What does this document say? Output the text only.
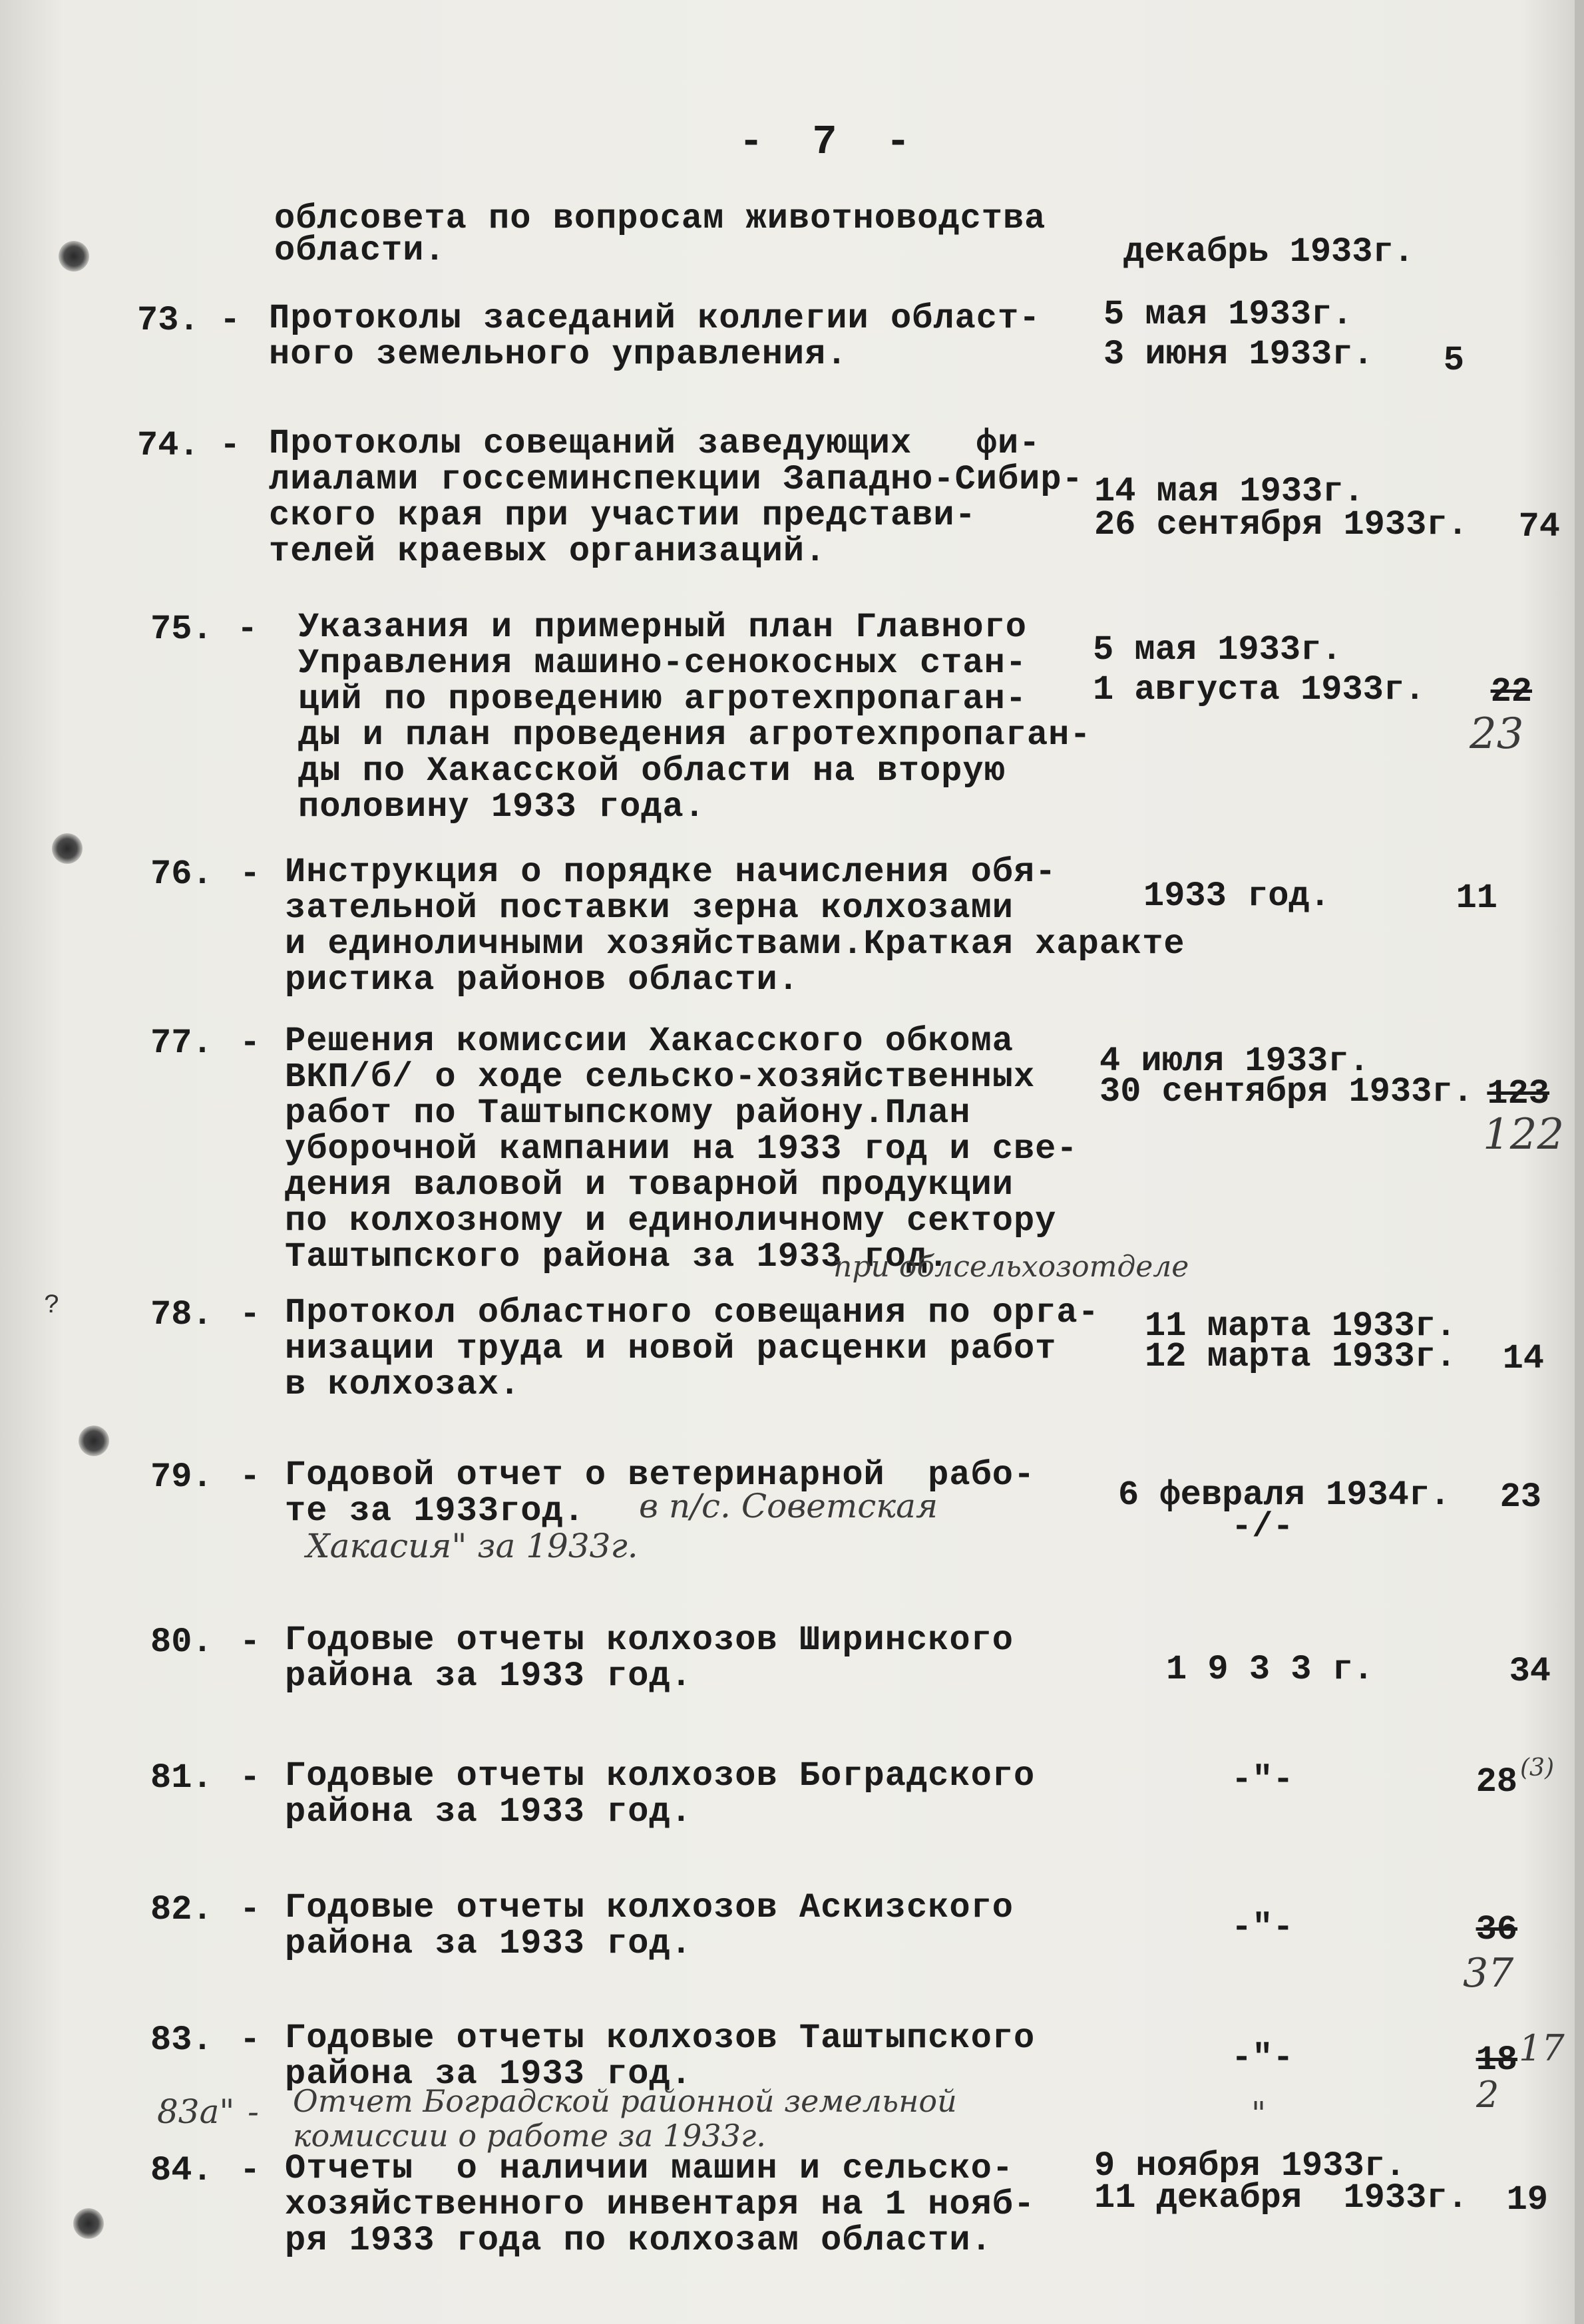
- 7 -
облсовета по вопросам животноводства
области.	декабрь 1933г.
73. - Протоколы заседаний коллегии област-
ного земельного управления.
5 мая 1933г.
3 июня 1933г.	5
74. - Протоколы совещаний заведующих   фи-
лиалами госсеминспекции Западно-Сибир-
ского края при участии представи-
телей краевых организаций.
14 мая 1933г.
26 сентября 1933г.	74
75. - Указания и примерный план Главного
Управления машино-сенокосных стан-
ций по проведению агротехпропаган-
ды и план проведения агротехпропаган-
ды по Хакасской области на вторую
половину 1933 года.
5 мая 1933г.
1 августа 1933г.	22
23
76. - Инструкция о порядке начисления обя-
зательной поставки зерна колхозами
и единоличными хозяйствами.Краткая характе
ристика районов области.
1933 год.	11
77. - Решения комиссии Хакасского обкома
ВКП/б/ о ходе сельско-хозяйственных
работ по Таштыпскому району.План
уборочной кампании на 1933 год и све-
дения валовой и товарной продукции
по колхозному и единоличному сектору
Таштыпского района за 1933 год.
4 июля 1933г.
30 сентября 1933г. 123
122
при облсельхозотделе
?	78. - Протокол областного совещания по орга-
низации труда и новой расценки работ
в колхозах.
11 марта 1933г.
12 марта 1933г.	14
79. - Годовой отчет о ветеринарной  рабо-
те за 1933год. в п/с. Советская
Хакасия" за 1933г.
6 февраля 1934г.
-/-
23
80. - Годовые отчеты колхозов Ширинского
района за 1933 год.	1 9 3 3 г.	34
81. - Годовые отчеты колхозов Боградского
района за 1933 год.
-"-	28 (3)
82. - Годовые отчеты колхозов Аскизского
района за 1933 год.	-"-	36
37
83. - Годовые отчеты колхозов Таштыпского
района за 1933 год.	-"-	18 17
83а" - Отчет Боградской районной земельной
комиссии о работе за 1933г.
"	2
84. - Отчеты  о наличии машин и сельско-
хозяйственного инвентаря на 1 нояб-
ря 1933 года по колхозам области.
9 ноября 1933г.
11 декабря  1933г.	19
